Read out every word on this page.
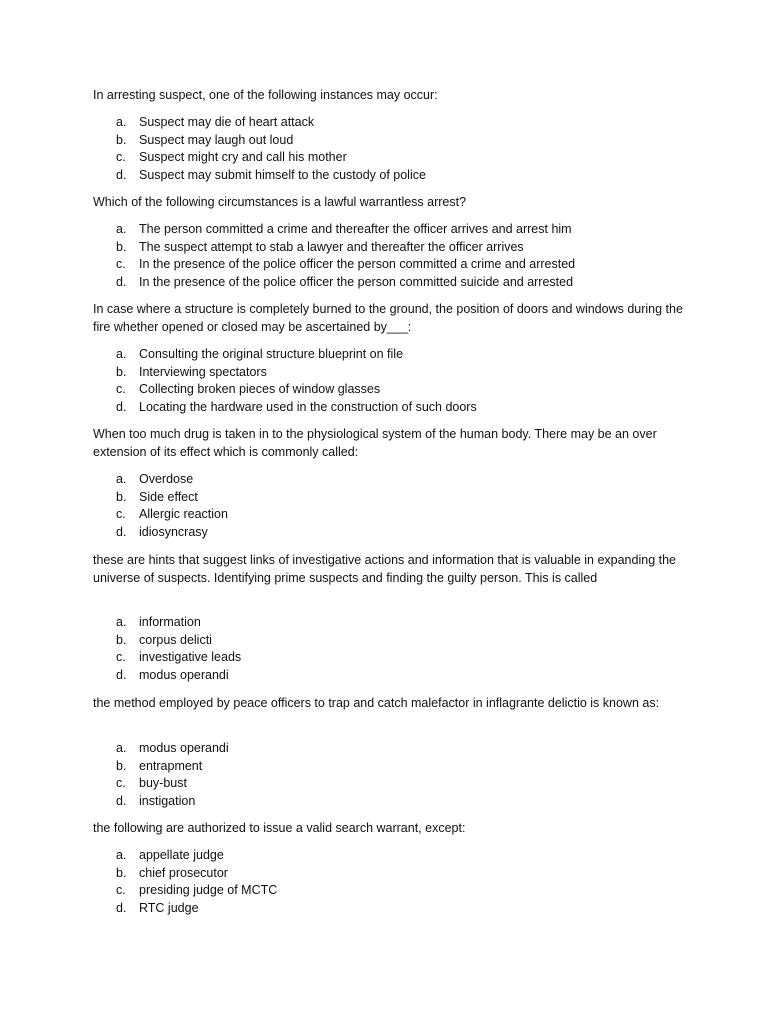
In arresting suspect, one of the following instances may occur:

a. Suspect may die of heart attack
b. Suspect may laugh out loud
c. Suspect might cry and call his mother
d. Suspect may submit himself to the custody of police

Which of the following circumstances is a lawful warrantless arrest?

a. The person committed a crime and thereafter the officer arrives and arrest him
b. The suspect attempt to stab a lawyer and thereafter the officer arrives
c. In the presence of the police officer the person committed a crime and arrested
d. In the presence of the police officer the person committed suicide and arrested

In case where a structure is completely burned to the ground, the position of doors and windows during the fire whether opened or closed may be ascertained by___:

a. Consulting the original structure blueprint on file
b. Interviewing spectators
c. Collecting broken pieces of window glasses
d. Locating the hardware used in the construction of such doors

When too much drug is taken in to the physiological system of the human body. There may be an over extension of its effect which is commonly called:

a. Overdose
b. Side effect
c. Allergic reaction
d. idiosyncrasy

these are hints that suggest links of investigative actions and information that is valuable in expanding the universe of suspects. Identifying prime suspects and finding the guilty person. This is called

a. information
b. corpus delicti
c. investigative leads
d. modus operandi

the method employed by peace officers to trap and catch malefactor in inflagrante delictio is known as:

a. modus operandi
b. entrapment
c. buy-bust
d. instigation

the following are authorized to issue a valid search warrant, except:

a. appellate judge
b. chief prosecutor
c. presiding judge of MCTC
d. RTC judge
